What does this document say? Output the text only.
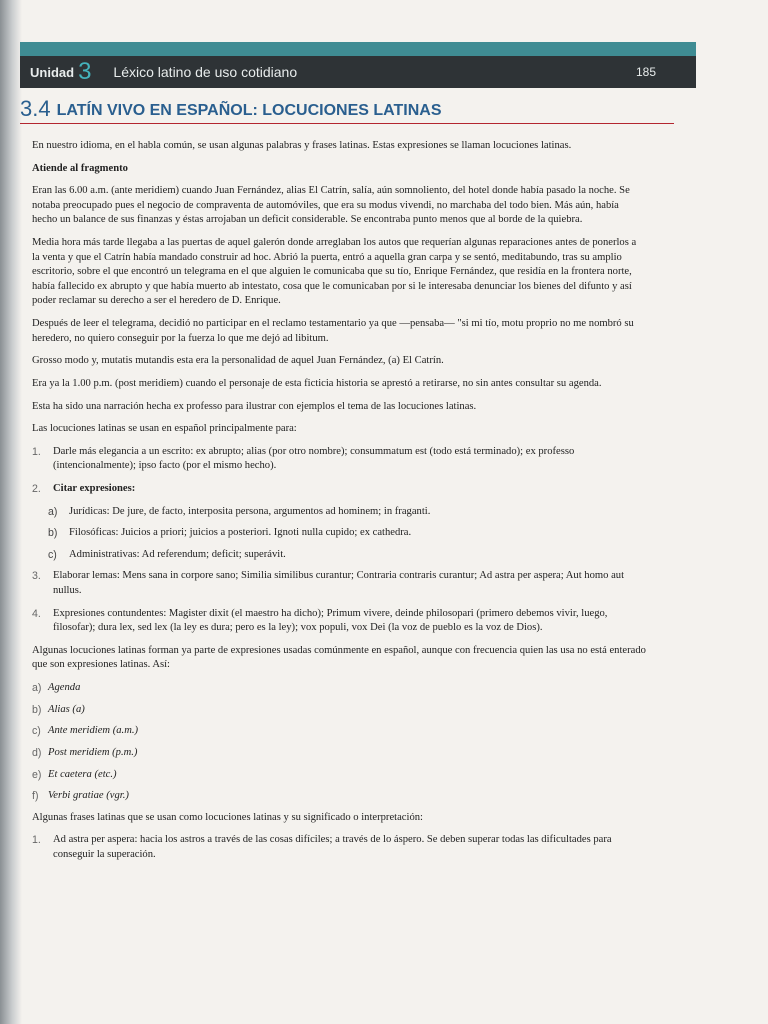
Unidad 3 Léxico latino de uso cotidiano	185
3.4 LATÍN VIVO EN ESPAÑOL: LOCUCIONES LATINAS

En nuestro idioma, en el habla común, se usan algunas palabras y frases latinas. Estas expresiones se llaman locuciones latinas.

Atiende al fragmento

Eran las 6.00 a.m. (ante meridiem) cuando Juan Fernández, alias El Catrín, salía, aún somnoliento, del hotel donde había pasado la noche. Se notaba preocupado pues el negocio de compraventa de automóviles, que era su modus vivendi, no marchaba del todo bien. Más aún, había hecho un balance de sus finanzas y éstas arrojaban un deficit considerable. Se encontraba punto menos que al borde de la quiebra.

Media hora más tarde llegaba a las puertas de aquel galerón donde arreglaban los autos que requerían algunas reparaciones antes de ponerlos a la venta y que el Catrín había mandado construir ad hoc. Abrió la puerta, entró a aquella gran carpa y se sentó, meditabundo, tras su amplio escritorio, sobre el que encontró un telegrama en el que alguien le comunicaba que su tío, Enrique Fernández, que residía en la frontera norte, había fallecido ex abrupto y que había muerto ab intestato, cosa que le comunicaban por si le interesaba denunciar los bienes del difunto y así poder reclamar su derecho a ser el heredero de D. Enrique.

Después de leer el telegrama, decidió no participar en el reclamo testamentario ya que —pensaba— "si mi tío, motu proprio no me nombró su heredero, no quiero conseguir por la fuerza lo que me dejó ad libitum.

Grosso modo y, mutatis mutandis esta era la personalidad de aquel Juan Fernández, (a) El Catrín.

Era ya la 1.00 p.m. (post meridiem) cuando el personaje de esta ficticia historia se aprestó a retirarse, no sin antes consultar su agenda.

Esta ha sido una narración hecha ex professo para ilustrar con ejemplos el tema de las locuciones latinas.

Las locuciones latinas se usan en español principalmente para:

1. Darle más elegancia a un escrito: ex abrupto; alias (por otro nombre); consummatum est (todo está terminado); ex professo (intencionalmente); ipso facto (por el mismo hecho).
2. Citar expresiones:
a) Jurídicas: De jure, de facto, interposita persona, argumentos ad hominem; in fraganti.
b) Filosóficas: Juicios a priori; juicios a posteriori. Ignoti nulla cupido; ex cathedra.
c) Administrativas: Ad referendum; deficit; superávit.
3. Elaborar lemas: Mens sana in corpore sano; Similia similibus curantur; Contraria contraris curantur; Ad astra per aspera; Aut homo aut nullus.
4. Expresiones contundentes: Magister dixit (el maestro ha dicho); Primum vivere, deinde philosopari (primero debemos vivir, luego, filosofar); dura lex, sed lex (la ley es dura; pero es la ley); vox populi, vox Dei (la voz de pueblo es la voz de Dios).

Algunas locuciones latinas forman ya parte de expresiones usadas comúnmente en español, aunque con frecuencia quien las usa no está enterado que son expresiones latinas. Así:

a) Agenda
b) Alias (a)
c) Ante meridiem (a.m.)
d) Post meridiem (p.m.)
e) Et caetera (etc.)
f) Verbi gratiae (vgr.)

Algunas frases latinas que se usan como locuciones latinas y su significado o interpretación:

1. Ad astra per aspera: hacia los astros a través de las cosas difíciles; a través de lo áspero. Se deben superar todas las dificultades para conseguir la superación.
